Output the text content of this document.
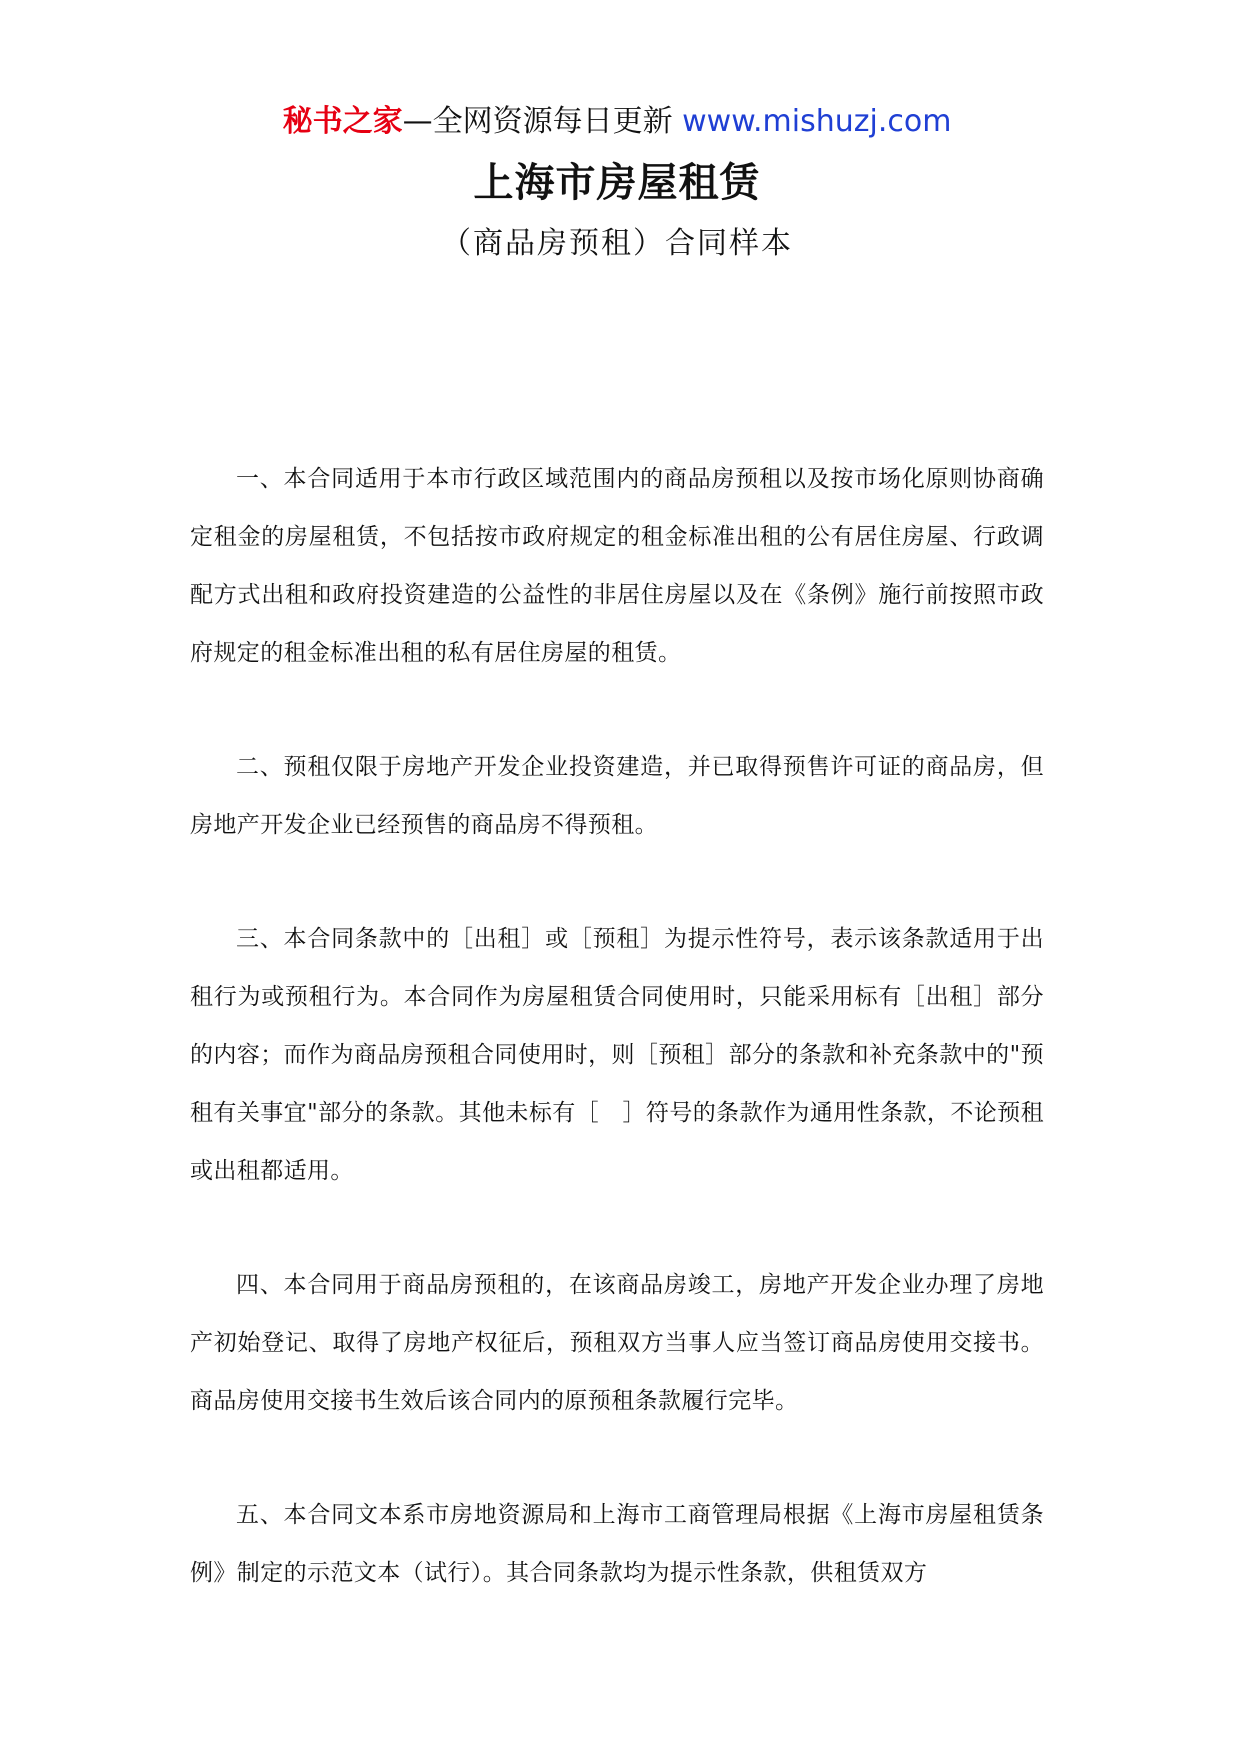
秘书之家—全网资源每日更新 www.mishuzj.com
上海市房屋租赁
（商品房预租）合同样本

一、本合同适用于本市行政区域范围内的商品房预租以及按市场化原则协商确定租金的房屋租赁，不包括按市政府规定的租金标准出租的公有居住房屋、行政调配方式出租和政府投资建造的公益性的非居住房屋以及在《条例》施行前按照市政府规定的租金标准出租的私有居住房屋的租赁。

二、预租仅限于房地产开发企业投资建造，并已取得预售许可证的商品房，但房地产开发企业已经预售的商品房不得预租。

三、本合同条款中的［出租］或［预租］为提示性符号，表示该条款适用于出租行为或预租行为。本合同作为房屋租赁合同使用时，只能采用标有［出租］部分的内容；而作为商品房预租合同使用时，则［预租］部分的条款和补充条款中的"预租有关事宜"部分的条款。其他未标有［　］符号的条款作为通用性条款，不论预租或出租都适用。

四、本合同用于商品房预租的，在该商品房竣工，房地产开发企业办理了房地产初始登记、取得了房地产权征后，预租双方当事人应当签订商品房使用交接书。商品房使用交接书生效后该合同内的原预租条款履行完毕。

五、本合同文本系市房地资源局和上海市工商管理局根据《上海市房屋租赁条例》制定的示范文本（试行）。其合同条款均为提示性条款，供租赁双方
